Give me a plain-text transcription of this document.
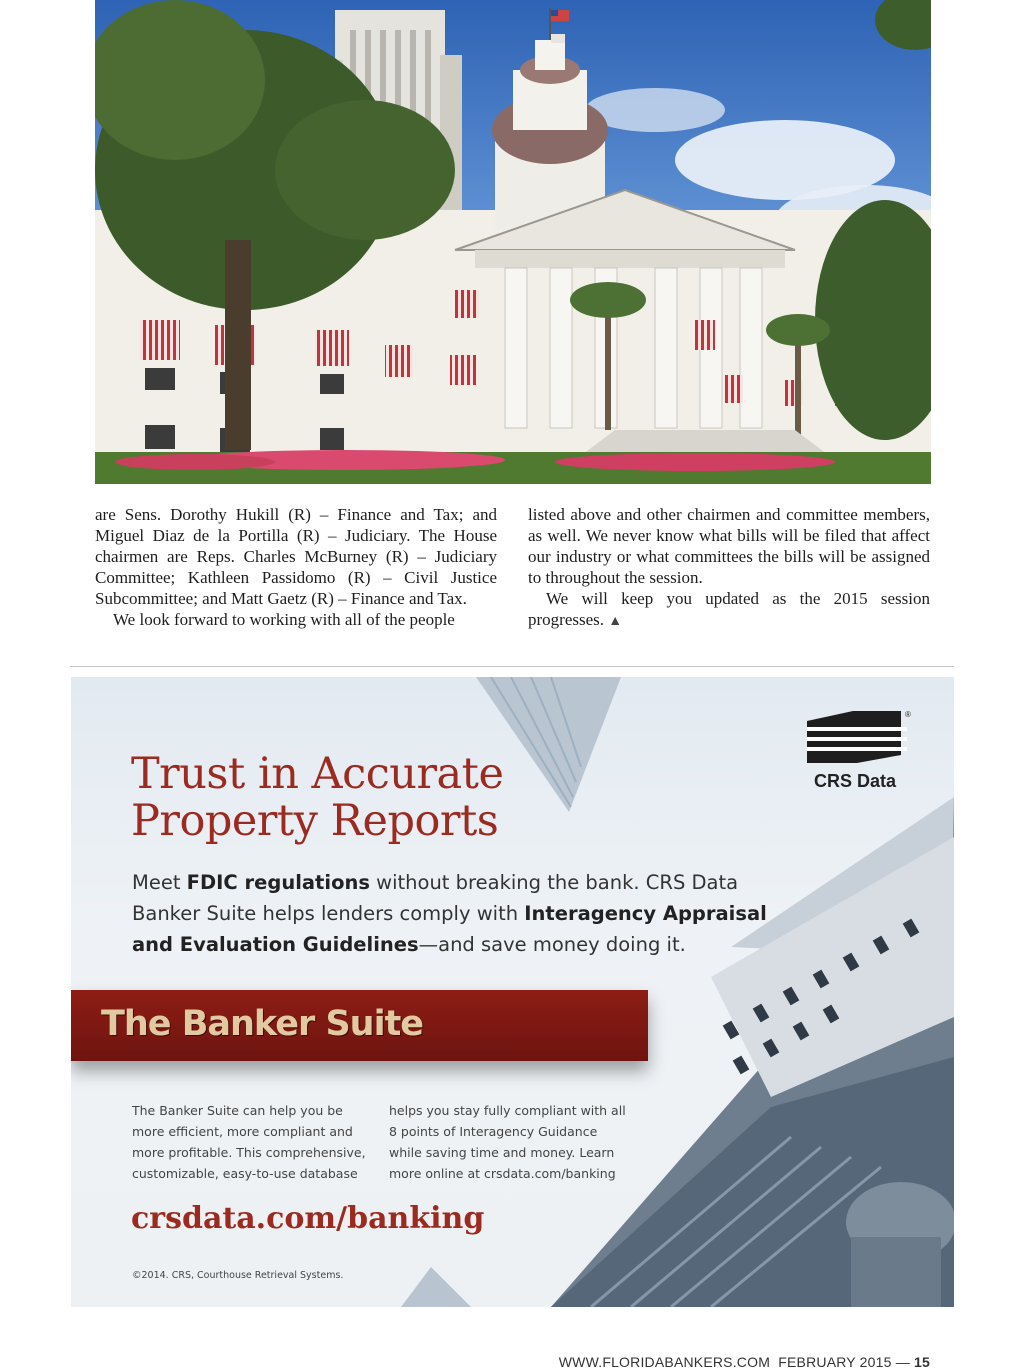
are Sens. Dorothy Hukill (R) – Finance and Tax; and Miguel Diaz de la Portilla (R) – Judiciary. The House chairmen are Reps. Charles McBurney (R) – Judiciary Committee; Kathleen Passidomo (R) – Civil Justice Subcommittee; and Matt Gaetz (R) – Finance and Tax.

We look forward to working with all of the people

listed above and other chairmen and committee members, as well. We never know what bills will be filed that affect our industry or what committees the bills will be assigned to throughout the session.

We will keep you updated as the 2015 session progresses. ▲

Trust in Accurate
Property Reports

Meet FDIC regulations without breaking the bank. CRS Data Banker Suite helps lenders comply with Interagency Appraisal and Evaluation Guidelines—and save money doing it.

The Banker Suite

The Banker Suite can help you be more efficient, more compliant and more profitable. This comprehensive, customizable, easy-to-use database

helps you stay fully compliant with all 8 points of Interagency Guidance while saving time and money. Learn more online at crsdata.com/banking

crsdata.com/banking

©2014. CRS, Courthouse Retrieval Systems.

®
CRS Data
WWW.FLORIDABANKERS.COM FEBRUARY 2015 — 15
